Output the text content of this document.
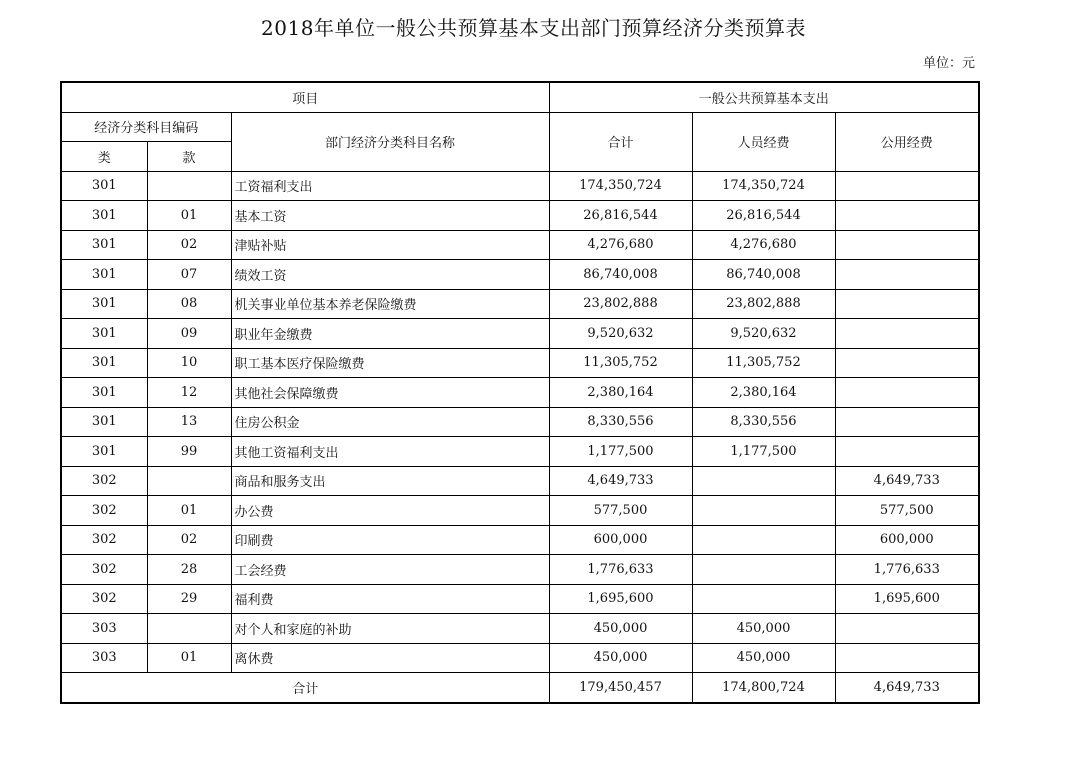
2018年单位一般公共预算基本支出部门预算经济分类预算表
单位：元
项目			一般公共预算基本支出		
经济分类科目编码		部门经济分类科目名称	合计	人员经费	公用经费
类	款				
301		工资福利支出	174,350,724	174,350,724	
301	01	基本工资	26,816,544	26,816,544	
301	02	津贴补贴	4,276,680	4,276,680	
301	07	绩效工资	86,740,008	86,740,008	
301	08	机关事业单位基本养老保险缴费	23,802,888	23,802,888	
301	09	职业年金缴费	9,520,632	9,520,632	
301	10	职工基本医疗保险缴费	11,305,752	11,305,752	
301	12	其他社会保障缴费	2,380,164	2,380,164	
301	13	住房公积金	8,330,556	8,330,556	
301	99	其他工资福利支出	1,177,500	1,177,500	
302		商品和服务支出	4,649,733		4,649,733
302	01	办公费	577,500		577,500
302	02	印刷费	600,000		600,000
302	28	工会经费	1,776,633		1,776,633
302	29	福利费	1,695,600		1,695,600
303		对个人和家庭的补助	450,000	450,000	
303	01	离休费	450,000	450,000	
合计			179,450,457	174,800,724	4,649,733
